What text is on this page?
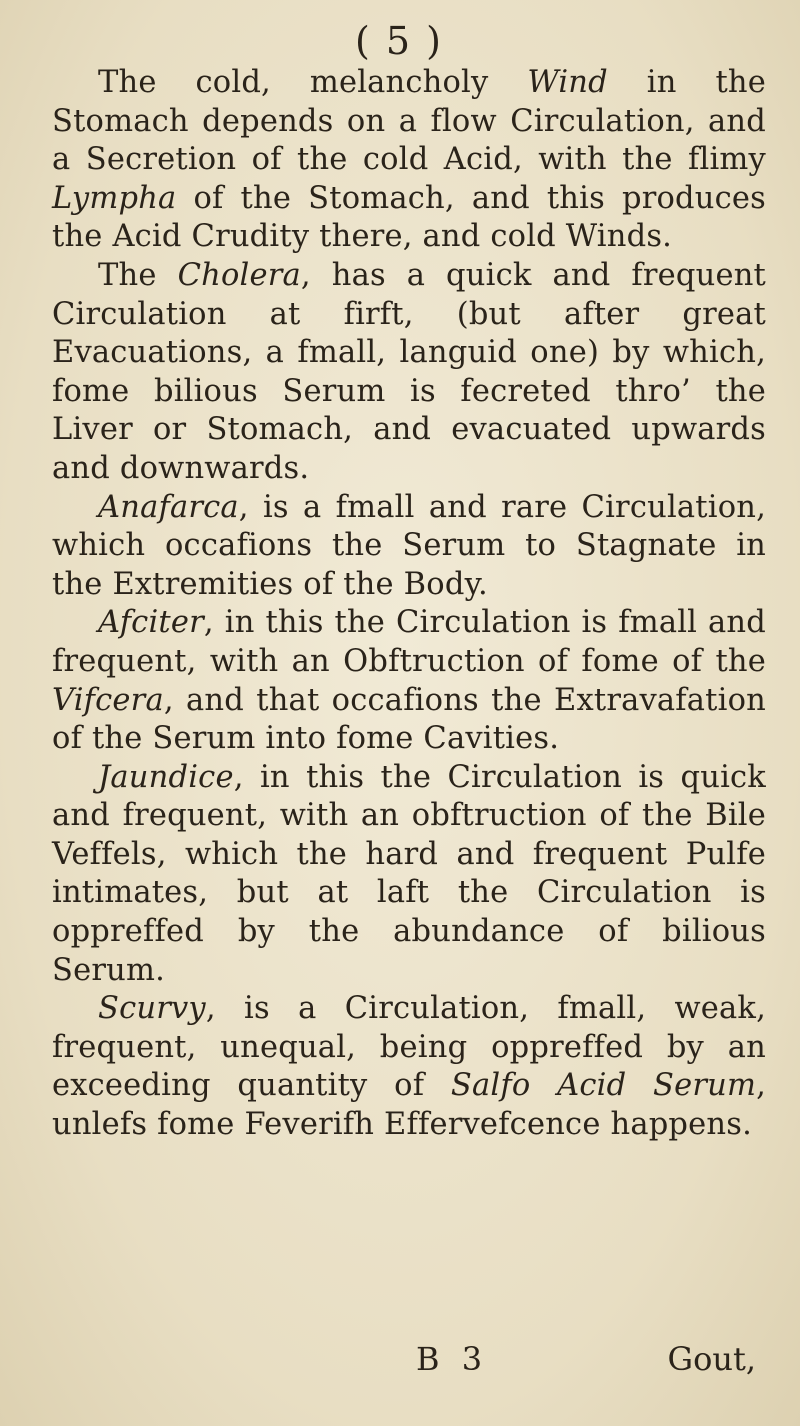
( 5 )

The cold, melancholy Wind in the Stomach depends on a flow Circulation, and a Secretion of the cold Acid, with the flimy Lympha of the Stomach, and this produces the Acid Crudity there, and cold Winds.

The Cholera, has a quick and frequent Circulation at firft, (but after great Evacuations, a fmall, languid one) by which, fome bilious Serum is fecreted thro’ the Liver or Stomach, and evacuated upwards and downwards.

Anafarca, is a fmall and rare Circulation, which occafions the Serum to Stagnate in the Extremities of the Body.

Afciter, in this the Circulation is fmall and frequent, with an Obftruction of fome of the Vifcera, and that occafions the Extravafation of the Serum into fome Cavities.

Jaundice, in this the Circulation is quick and frequent, with an obftruction of the Bile Veffels, which the hard and frequent Pulfe intimates, but at laft the Circulation is oppreffed by the abundance of bilious Serum.

Scurvy, is a Circulation, fmall, weak, frequent, unequal, being oppreffed by an exceeding quantity of Salfo Acid Serum, unlefs fome Feverifh Effervefcence happens.

B 3	Gout,
